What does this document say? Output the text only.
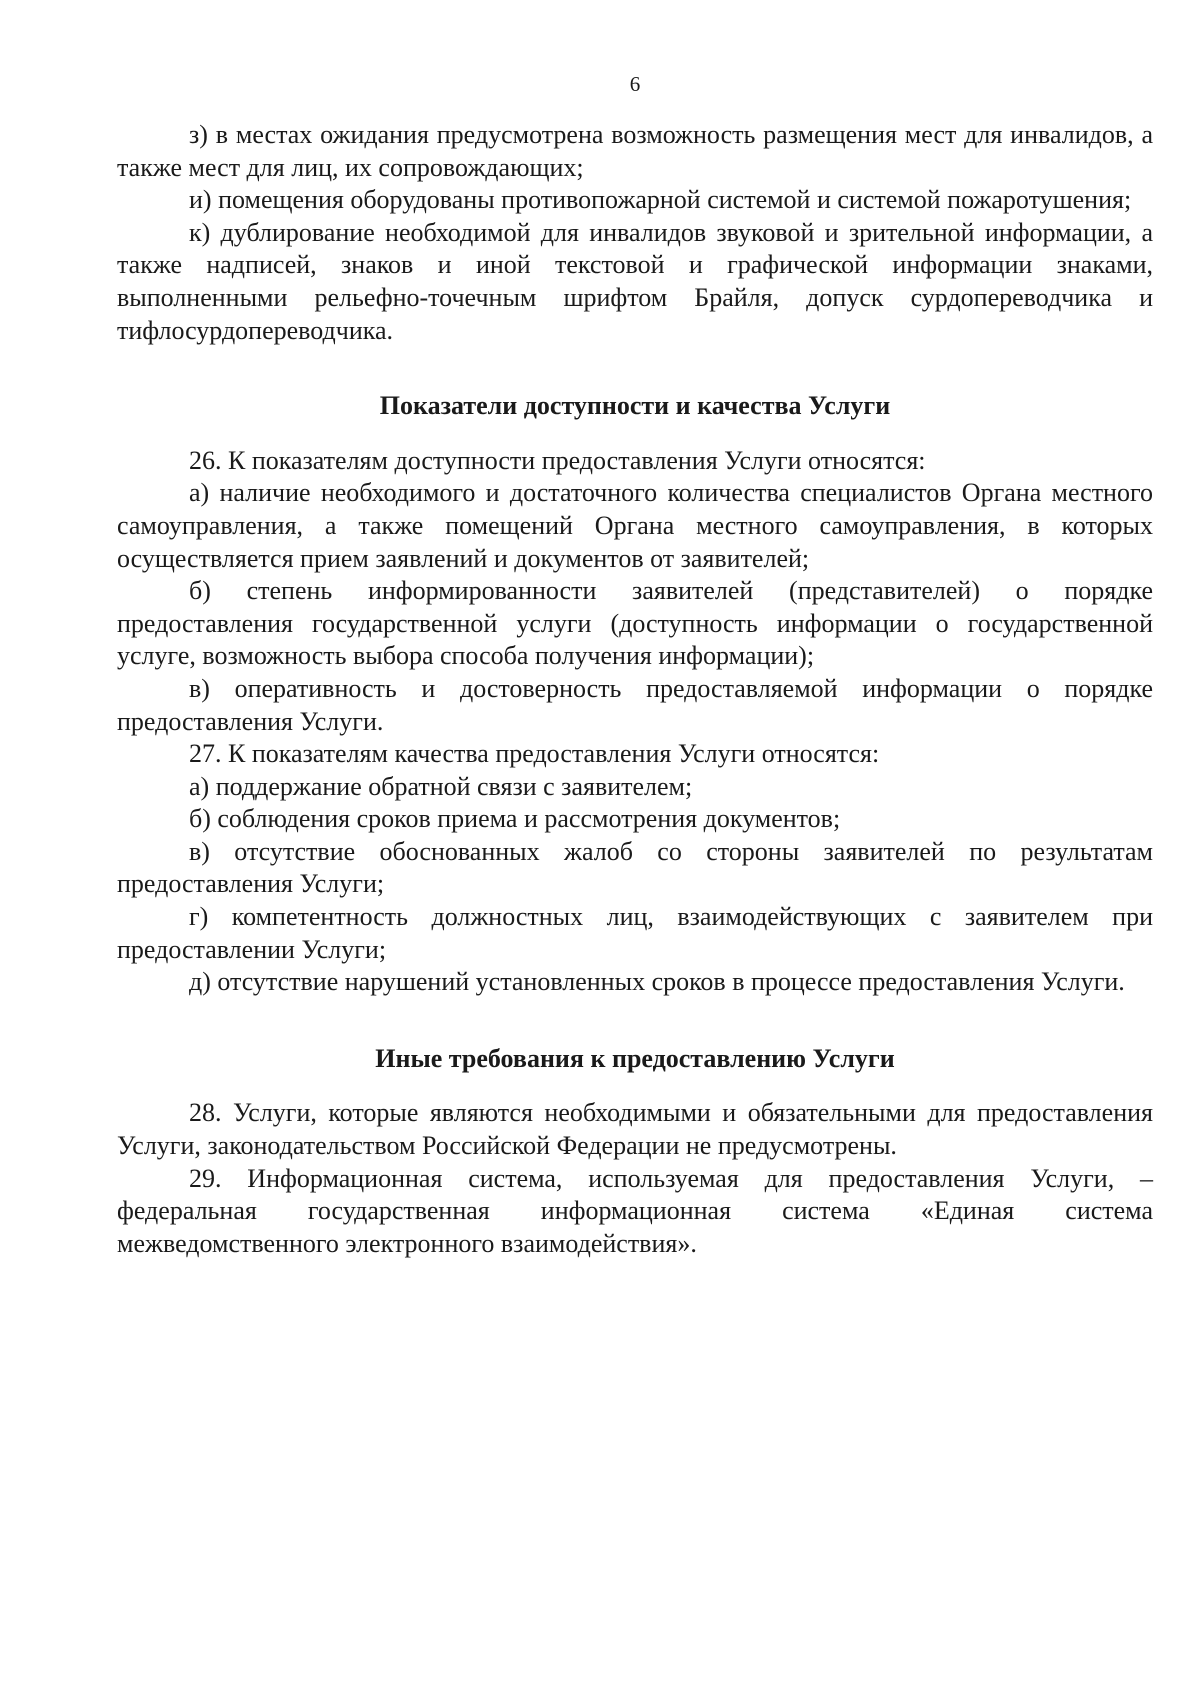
6

з) в местах ожидания предусмотрена возможность размещения мест для инвалидов, а также мест для лиц, их сопровождающих;

и) помещения оборудованы противопожарной системой и системой пожаротушения;

к) дублирование необходимой для инвалидов звуковой и зрительной информации, а также надписей, знаков и иной текстовой и графической информации знаками, выполненными рельефно-точечным шрифтом Брайля, допуск сурдопереводчика и тифлосурдопереводчика.

Показатели доступности и качества Услуги

26. К показателям доступности предоставления Услуги относятся:

а) наличие необходимого и достаточного количества специалистов Органа местного самоуправления, а также помещений Органа местного самоуправления, в которых осуществляется прием заявлений и документов от заявителей;

б) степень информированности заявителей (представителей) о порядке предоставления государственной услуги (доступность информации о государственной услуге, возможность выбора способа получения информации);

в) оперативность и достоверность предоставляемой информации о порядке предоставления Услуги.

27. К показателям качества предоставления Услуги относятся:

а) поддержание обратной связи с заявителем;

б) соблюдения сроков приема и рассмотрения документов;

в) отсутствие обоснованных жалоб со стороны заявителей по результатам предоставления Услуги;

г) компетентность должностных лиц, взаимодействующих с заявителем при предоставлении Услуги;

д) отсутствие нарушений установленных сроков в процессе предоставления Услуги.

Иные требования к предоставлению Услуги

28. Услуги, которые являются необходимыми и обязательными для предоставления Услуги, законодательством Российской Федерации не предусмотрены.

29. Информационная система, используемая для предоставления Услуги, – федеральная государственная информационная система «Единая система межведомственного электронного взаимодействия».
